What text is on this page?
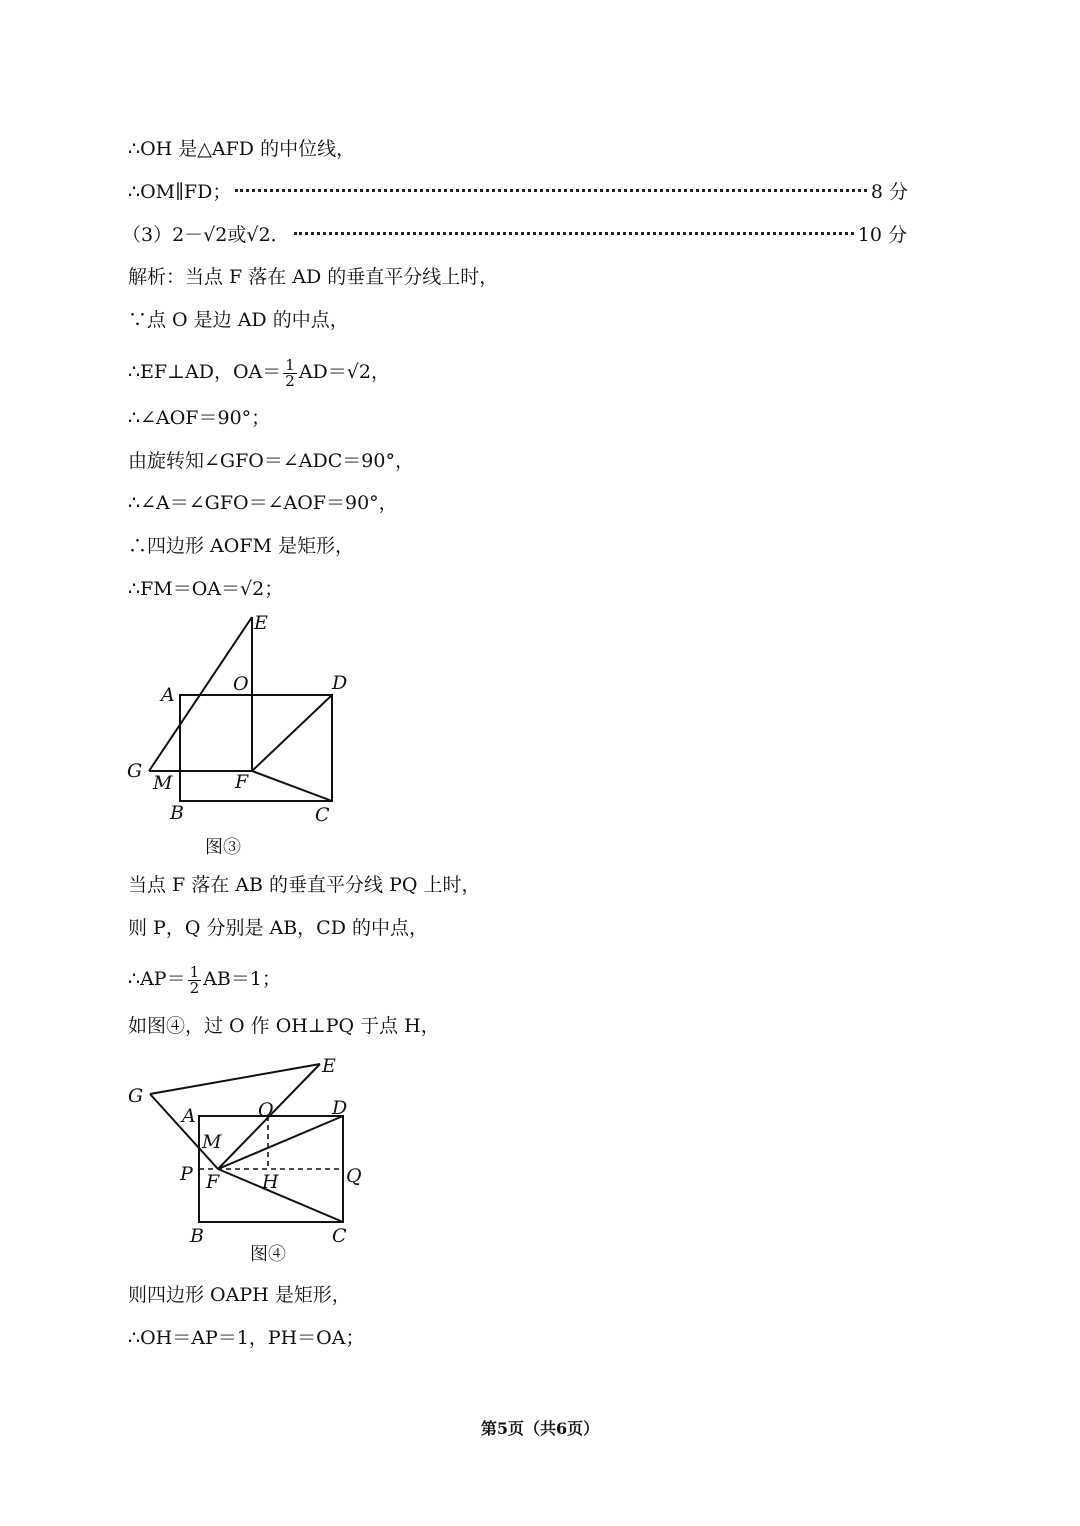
∴OH 是△AFD 的中位线，
∴OM∥FD；	8 分
（3）2－√2或√2．	10 分
解析：当点 F 落在 AD 的垂直平分线上时，
∵点 O 是边 AD 的中点，
∴EF⊥AD，$OA= \frac{1}{2} AD=√2$，
∴∠AOF＝90°；
由旋转知∠GFO＝∠ADC＝90°，
∴∠A＝∠GFO＝∠AOF＝90°，
∴四边形 AOFM 是矩形，
∴FM＝OA＝√2；
E
A	O	D
G
M	F
B	C
图③
当点 F 落在 AB 的垂直平分线 PQ 上时，
则 P，Q 分别是 AB，CD 的中点，
∴AP＝ $\frac{1}{2} AB=1$；
如图④，过 O 作 OH⊥PQ 于点 H，
G
E
A	O	D
M
P F H	Q
B	C
图④
则四边形 OAPH 是矩形，
∴OH＝AP＝1，PH＝OA；
第5页（共6页）
